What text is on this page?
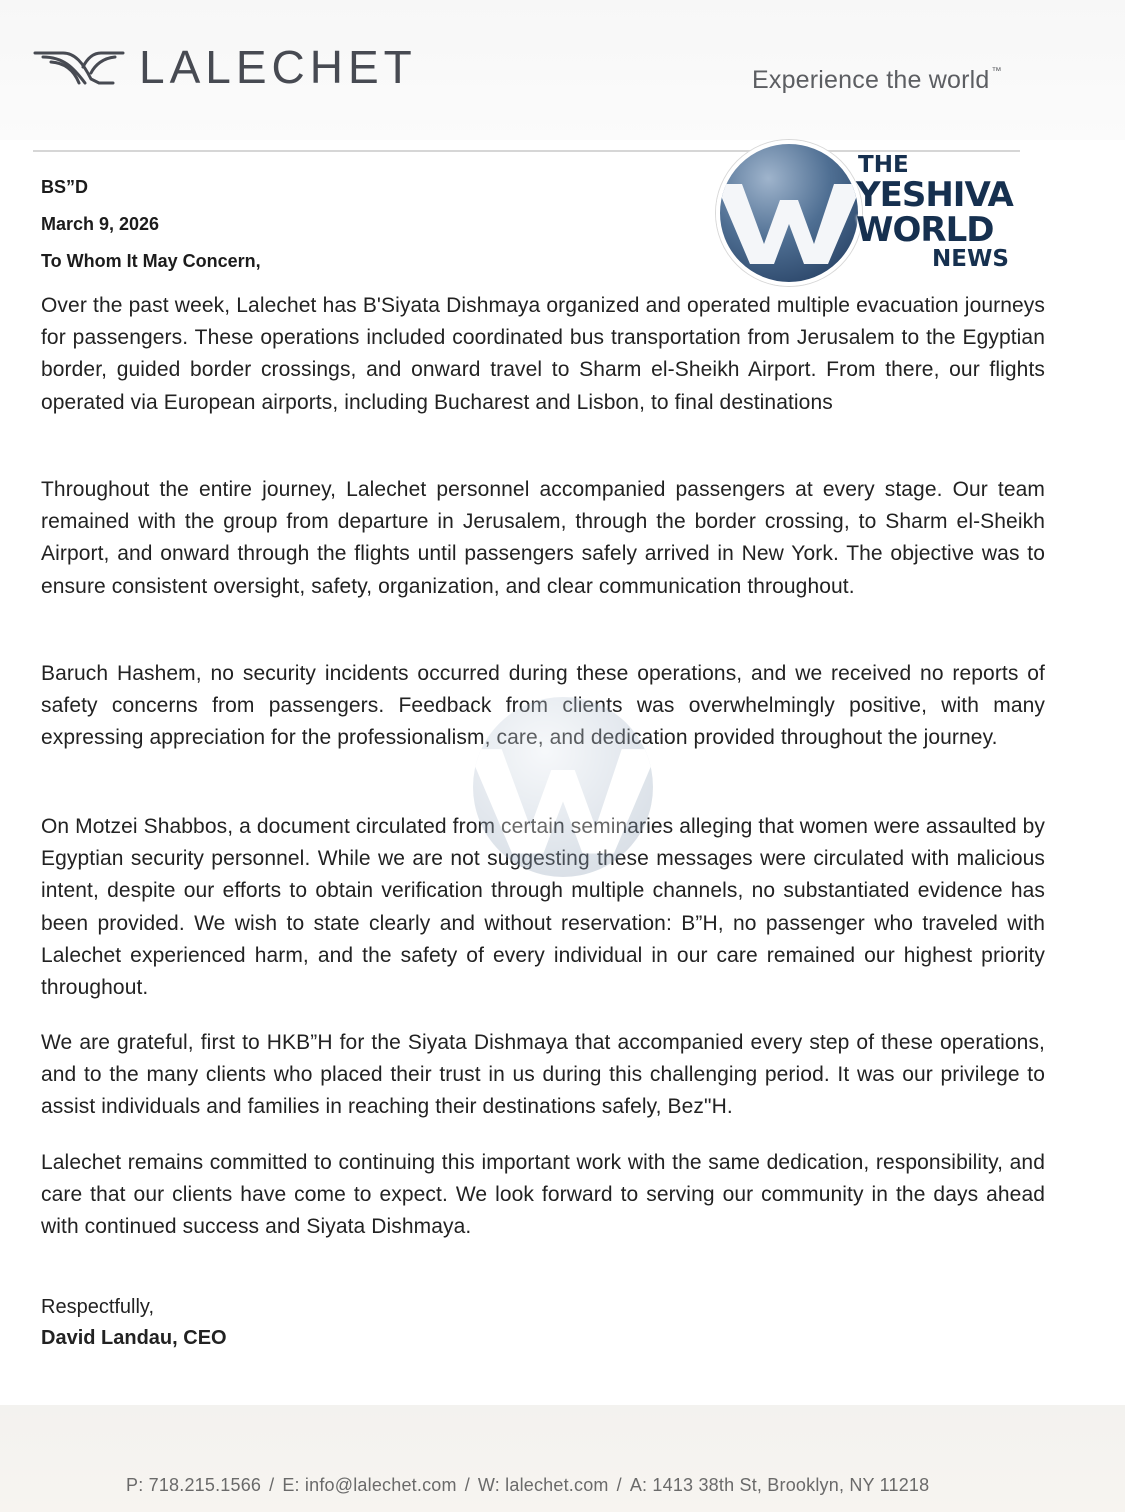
LALECHET	Experience the world ™
THE
YESHIVA
WORLD
NEWS
BS”D
March 9, 2026
To Whom It May Concern,

Over the past week, Lalechet has B'Siyata Dishmaya organized and operated multiple evacuation journeys for passengers. These operations included coordinated bus transportation from Jerusalem to the Egyptian border, guided border crossings, and onward travel to Sharm el-Sheikh Airport. From there, our flights operated via European airports, including Bucharest and Lisbon, to final destinations

Throughout the entire journey, Lalechet personnel accompanied passengers at every stage. Our team remained with the group from departure in Jerusalem, through the border crossing, to Sharm el-Sheikh Airport, and onward through the flights until passengers safely arrived in New York. The objective was to ensure consistent oversight, safety, organization, and clear communication throughout.

Baruch Hashem, no security incidents occurred during these operations, and we received no reports of safety concerns from passengers. Feedback from clients was overwhelmingly positive, with many expressing appreciation for the professionalism, care, and dedication provided throughout the journey.

On Motzei Shabbos, a document circulated from certain seminaries alleging that women were assaulted by Egyptian security personnel. While we are not suggesting these messages were circulated with malicious intent, despite our efforts to obtain verification through multiple channels, no substantiated evidence has been provided. We wish to state clearly and without reservation: B”H, no passenger who traveled with Lalechet experienced harm, and the safety of every individual in our care remained our highest priority throughout.

We are grateful, first to HKB”H for the Siyata Dishmaya that accompanied every step of these operations, and to the many clients who placed their trust in us during this challenging period. It was our privilege to assist individuals and families in reaching their destinations safely, Bez"H.

Lalechet remains committed to continuing this important work with the same dedication, responsibility, and care that our clients have come to expect. We look forward to serving our community in the days ahead with continued success and Siyata Dishmaya.

Respectfully,
David Landau, CEO
P: 718.215.1566 / E: info@lalechet.com / W: lalechet.com / A: 1413 38th St, Brooklyn, NY 11218
